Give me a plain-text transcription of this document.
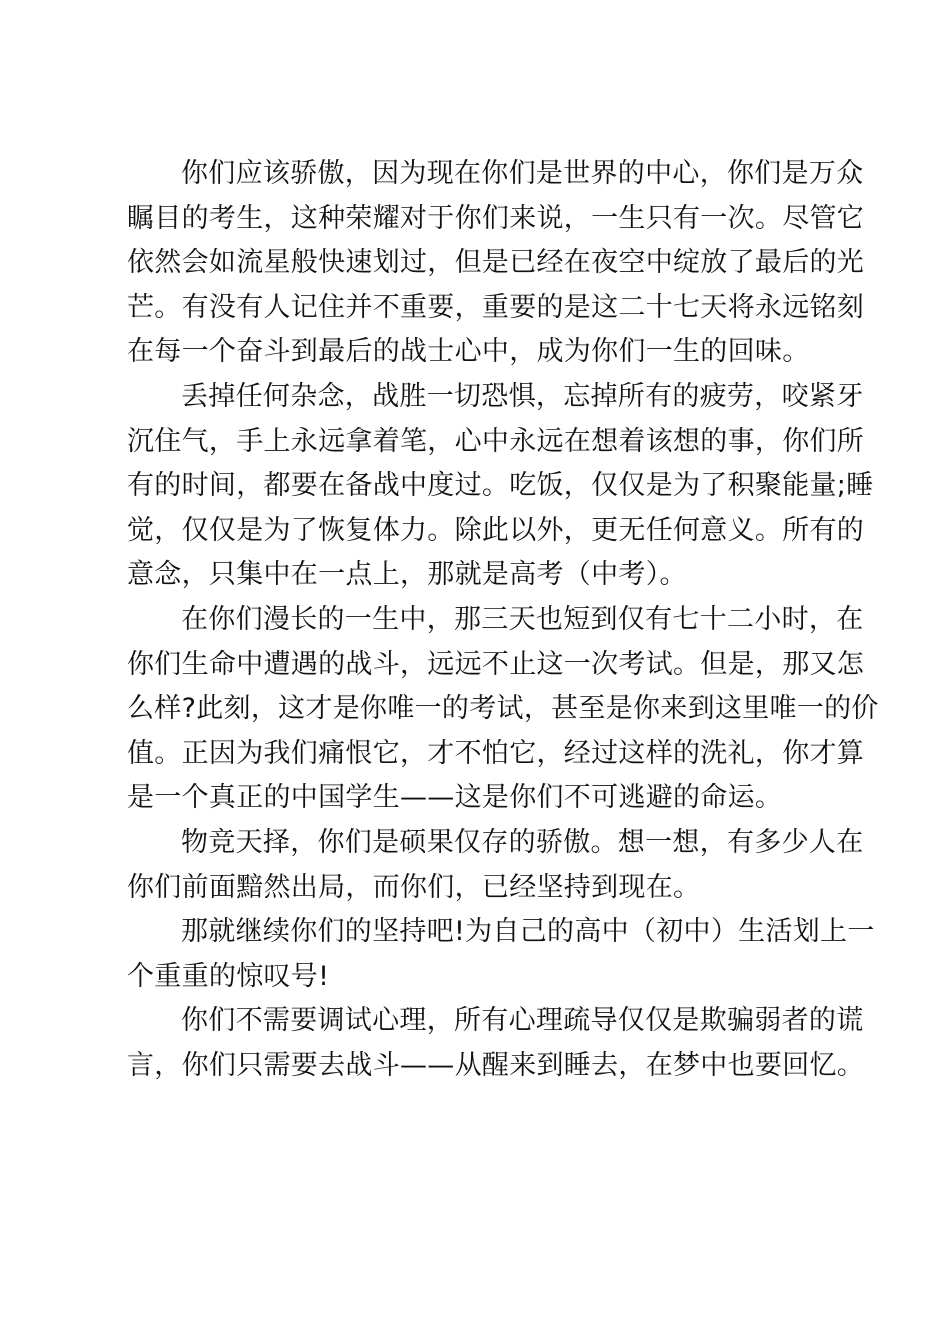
你们应该骄傲，因为现在你们是世界的中心，你们是万众
瞩目的考生，这种荣耀对于你们来说，一生只有一次。尽管它
依然会如流星般快速划过，但是已经在夜空中绽放了最后的光
芒。有没有人记住并不重要，重要的是这二十七天将永远铭刻
在每一个奋斗到最后的战士心中，成为你们一生的回味。
丢掉任何杂念，战胜一切恐惧，忘掉所有的疲劳，咬紧牙
沉住气，手上永远拿着笔，心中永远在想着该想的事，你们所
有的时间，都要在备战中度过。吃饭，仅仅是为了积聚能量;睡
觉，仅仅是为了恢复体力。除此以外，更无任何意义。所有的
意念，只集中在一点上，那就是高考（中考）。
在你们漫长的一生中，那三天也短到仅有七十二小时，在
你们生命中遭遇的战斗，远远不止这一次考试。但是，那又怎
么样?此刻，这才是你唯一的考试，甚至是你来到这里唯一的价
值。正因为我们痛恨它，才不怕它，经过这样的洗礼，你才算
是一个真正的中国学生——这是你们不可逃避的命运。
物竞天择，你们是硕果仅存的骄傲。想一想，有多少人在
你们前面黯然出局，而你们，已经坚持到现在。
那就继续你们的坚持吧!为自己的高中（初中）生活划上一
个重重的惊叹号!
你们不需要调试心理，所有心理疏导仅仅是欺骗弱者的谎
言，你们只需要去战斗——从醒来到睡去，在梦中也要回忆。
